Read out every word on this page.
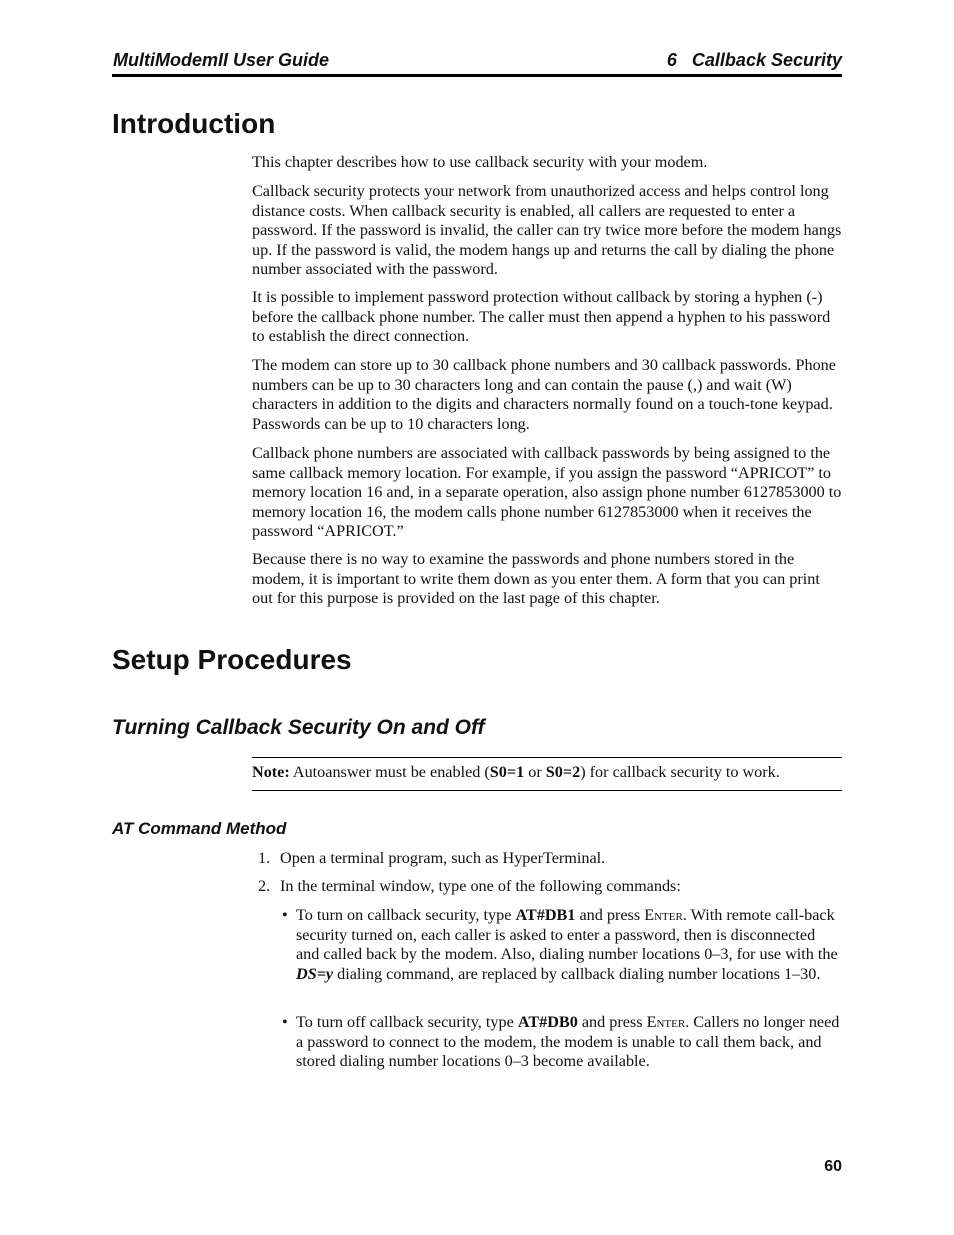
MultiModemII User Guide	6   Callback Security
Introduction

This chapter describes how to use callback security with your modem.

Callback security protects your network from unauthorized access and helps control long distance costs. When callback security is enabled, all callers are requested to enter a password. If the password is invalid, the caller can try twice more before the modem hangs up. If the password is valid, the modem hangs up and returns the call by dialing the phone number associated with the password.

It is possible to implement password protection without callback by storing a hyphen (-) before the callback phone number. The caller must then append a hyphen to his password to establish the direct connection.

The modem can store up to 30 callback phone numbers and 30 callback passwords. Phone numbers can be up to 30 characters long and can contain the pause (,) and wait (W) characters in addition to the digits and characters normally found on a touch-tone keypad. Passwords can be up to 10 characters long.

Callback phone numbers are associated with callback passwords by being assigned to the same callback memory location. For example, if you assign the password “APRICOT” to memory location 16 and, in a separate operation, also assign phone number 6127853000 to memory location 16, the modem calls phone number 6127853000 when it receives the password “APRICOT.”

Because there is no way to examine the passwords and phone numbers stored in the modem, it is important to write them down as you enter them. A form that you can print out for this purpose is provided on the last page of this chapter.

Setup Procedures
Turning Callback Security On and Off

Note: Autoanswer must be enabled (S0=1 or S0=2) for callback security to work.

AT Command Method
1. Open a terminal program, such as HyperTerminal.
2. In the terminal window, type one of the following commands:
• To turn on callback security, type AT#DB1 and press Enter. With remote call-back security turned on, each caller is asked to enter a password, then is disconnected and called back by the modem. Also, dialing number locations 0–3, for use with the DS=y dialing command, are replaced by callback dialing number locations 1–30.
• To turn off callback security, type AT#DB0 and press Enter. Callers no longer need a password to connect to the modem, the modem is unable to call them back, and stored dialing number locations 0–3 become available.
60
